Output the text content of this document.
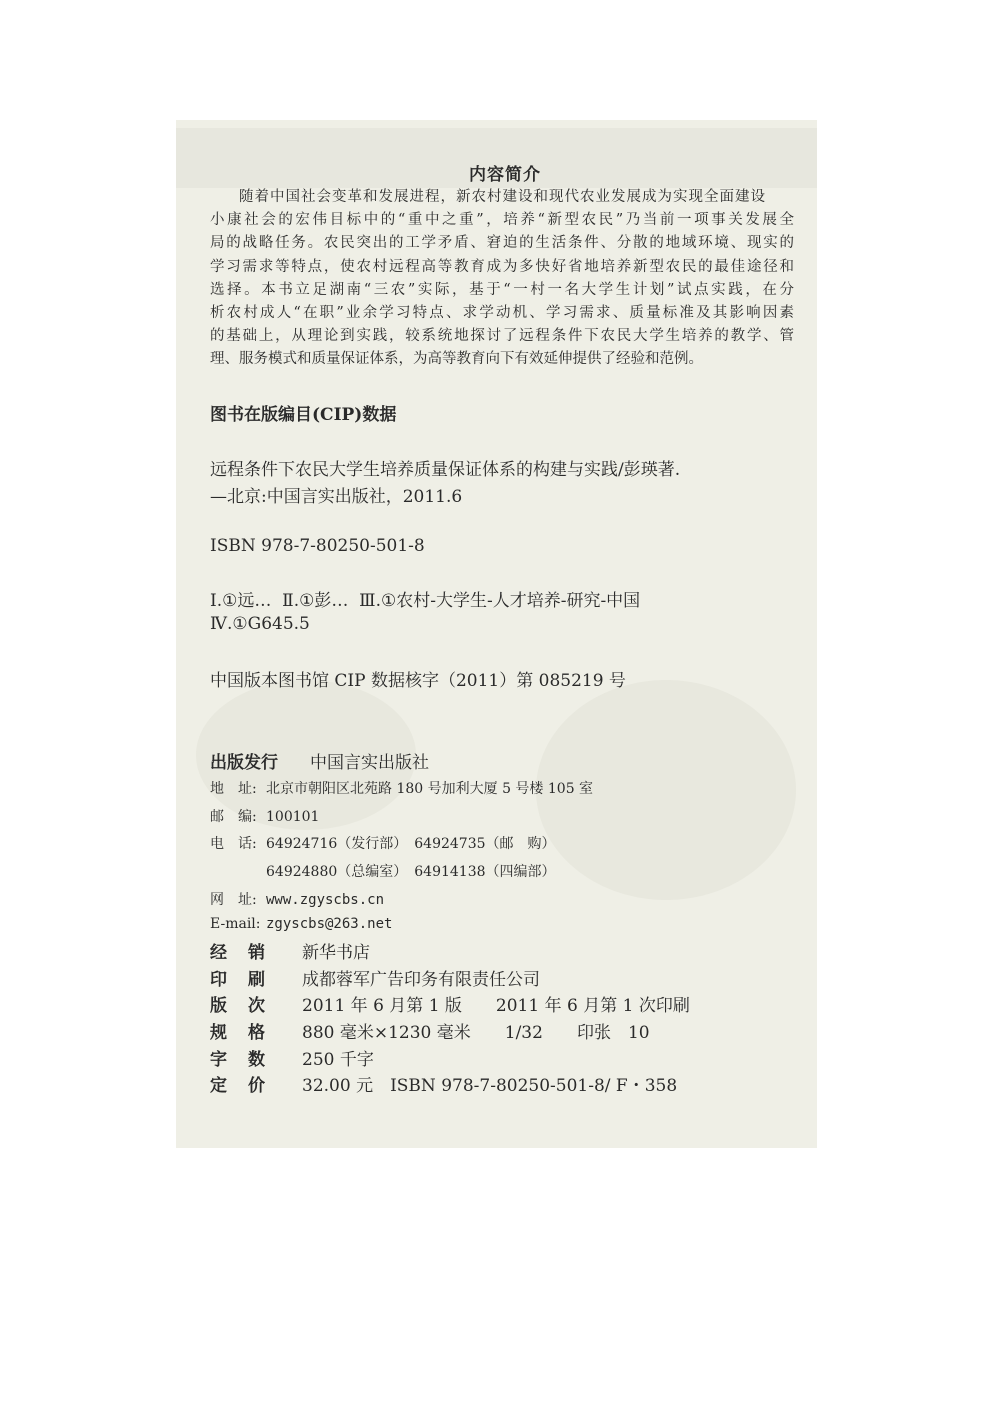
内容简介
随着中国社会变革和发展进程，新农村建设和现代农业发展成为实现全面建设
小康社会的宏伟目标中的“重中之重”，培养“新型农民”乃当前一项事关发展全
局的战略任务。农民突出的工学矛盾、窘迫的生活条件、分散的地域环境、现实的
学习需求等特点，使农村远程高等教育成为多快好省地培养新型农民的最佳途径和
选择。本书立足湖南“三农”实际，基于“一村一名大学生计划”试点实践，在分
析农村成人“在职”业余学习特点、求学动机、学习需求、质量标准及其影响因素
的基础上，从理论到实践，较系统地探讨了远程条件下农民大学生培养的教学、管
理、服务模式和质量保证体系，为高等教育向下有效延伸提供了经验和范例。
图书在版编目(CIP)数据
远程条件下农民大学生培养质量保证体系的构建与实践/彭瑛著.
—北京:中国言实出版社，2011.6
ISBN 978-7-80250-501-8
Ⅰ.①远…  Ⅱ.①彭…  Ⅲ.①农村-大学生-人才培养-研究-中国
Ⅳ.①G645.5
中国版本图书馆 CIP 数据核字（2011）第 085219 号
出版发行 中国言实出版社
地　址: 北京市朝阳区北苑路 180 号加利大厦 5 号楼 105 室
邮　编: 100101
电　话: 64924716（发行部）　64924735（邮　购）
64924880（总编室）　64914138（四编部）
网　址: www.zgyscbs.cn
E-mail: zgyscbs@263.net
经　销 新华书店
印　刷 成都蓉军广告印务有限责任公司
版　次 2011 年 6 月第 1 版　　2011 年 6 月第 1 次印刷
规　格 880 毫米×1230 毫米　　1/32　　印张　10
字　数 250 千字
定　价 32.00 元　ISBN 978-7-80250-501-8/ F・358
